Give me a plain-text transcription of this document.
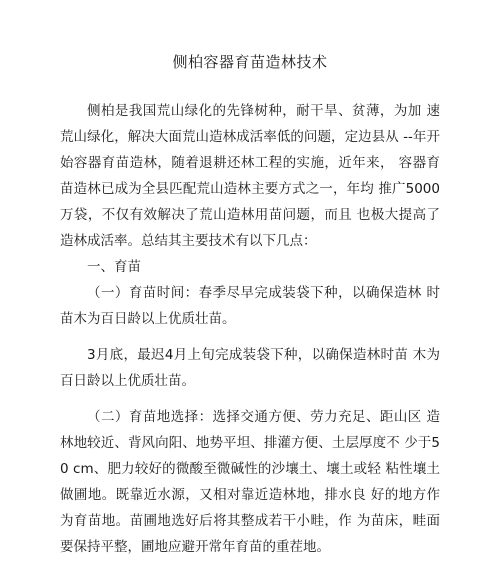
侧柏容器育苗造林技术

侧柏是我国荒山绿化的先锋树种，耐干旱、贫薄，为加 速荒山绿化，解决大面荒山造林成活率低的问题，定边县从 --年开始容器育苗造林，随着退耕还林工程的实施，近年来， 容器育苗造林已成为全县匹配荒山造林主要方式之一，年均 推广5000万袋，不仅有效解决了荒山造林用苗问题，而且 也极大提高了造林成活率。总结其主要技术有以下几点：

一、育苗

（一）育苗时间：春季尽早完成装袋下种，以确保造林 时苗木为百日龄以上优质壮苗。

3月底，最迟4月上旬完成装袋下种，以确保造林时苗 木为百日龄以上优质壮苗。

（二）育苗地选择：选择交通方便、劳力充足、距山区 造林地较近、背风向阳、地势平坦、排灌方便、土层厚度不 少于50 cm、肥力较好的微酸至微碱性的沙壤土、壤土或轻 粘性壤土做圃地。既靠近水源，又相对靠近造林地，排水良 好的地方作为育苗地。苗圃地选好后将其整成若干小畦，作 为苗床，畦面要保持平整，圃地应避开常年育苗的重茬地。
